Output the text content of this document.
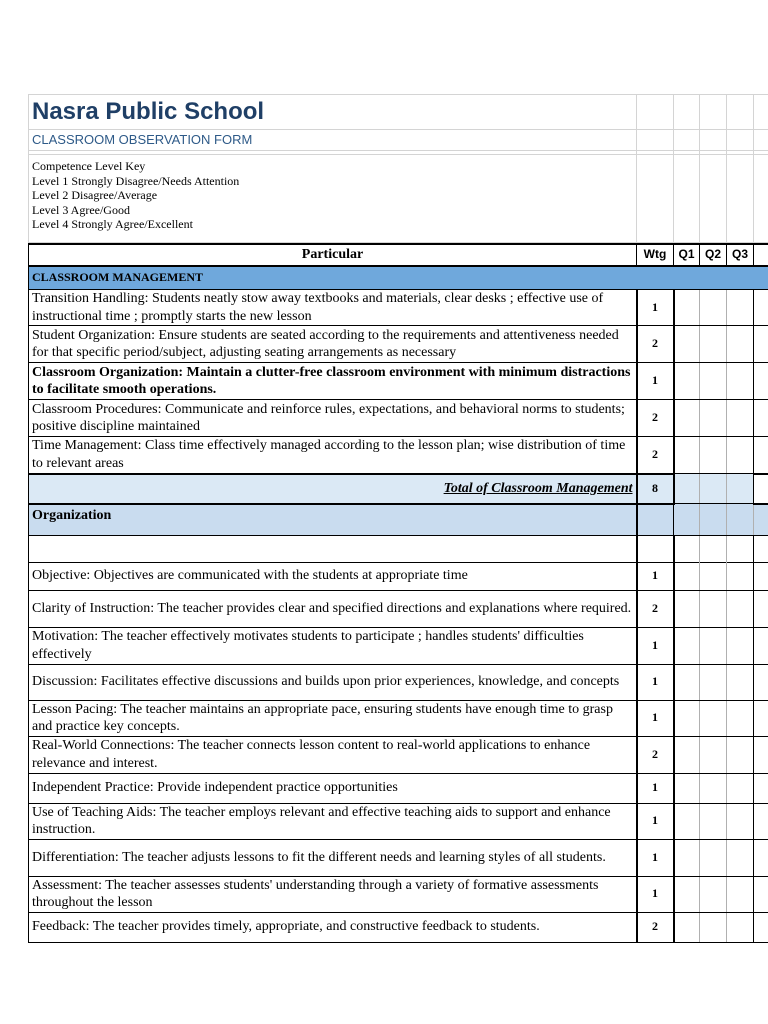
Nasra Public School					
CLASSROOM OBSERVATION FORM					

Competence Level Key
Level 1 Strongly Disagree/Needs Attention
Level 2 Disagree/Average
Level 3 Agree/Good
Level 4 Strongly Agree/Excellent					

Particular	Wtg	Q1	Q2	Q3	
CLASSROOM MANAGEMENT					
Transition Handling: Students neatly stow away textbooks and materials, clear desks ; effective use of instructional time ; promptly starts the new lesson	1				
Student Organization: Ensure students are seated according to the requirements and attentiveness needed for that specific period/subject, adjusting seating arrangements as necessary	2				
Classroom Organization: Maintain a clutter-free classroom environment with minimum distractions to facilitate smooth operations.	1				
Classroom Procedures: Communicate and reinforce rules, expectations, and behavioral norms to students; positive discipline maintained	2				
Time Management: Class time effectively managed according to the lesson plan; wise distribution of time to relevant areas	2				
Total of Classroom Management	8				
Organization					

Objective: Objectives are communicated with the students at appropriate time	1				
Clarity of Instruction: The teacher provides clear and specified directions and explanations where required.	2				
Motivation: The teacher effectively motivates students to participate ; handles students' difficulties effectively	1				
Discussion: Facilitates effective discussions and builds upon prior experiences, knowledge, and concepts	1				
Lesson Pacing: The teacher maintains an appropriate pace, ensuring students have enough time to grasp and practice key concepts.	1				
Real-World Connections: The teacher connects lesson content to real-world applications to enhance relevance and interest.	2				
Independent Practice: Provide independent practice opportunities	1				
Use of Teaching Aids: The teacher employs relevant and effective teaching aids to support and enhance instruction.	1				
Differentiation: The teacher adjusts lessons to fit the different needs and learning styles of all students.	1				
Assessment: The teacher assesses students' understanding through a variety of formative assessments throughout the lesson	1				
Feedback: The teacher provides timely, appropriate, and constructive feedback to students.	2				
